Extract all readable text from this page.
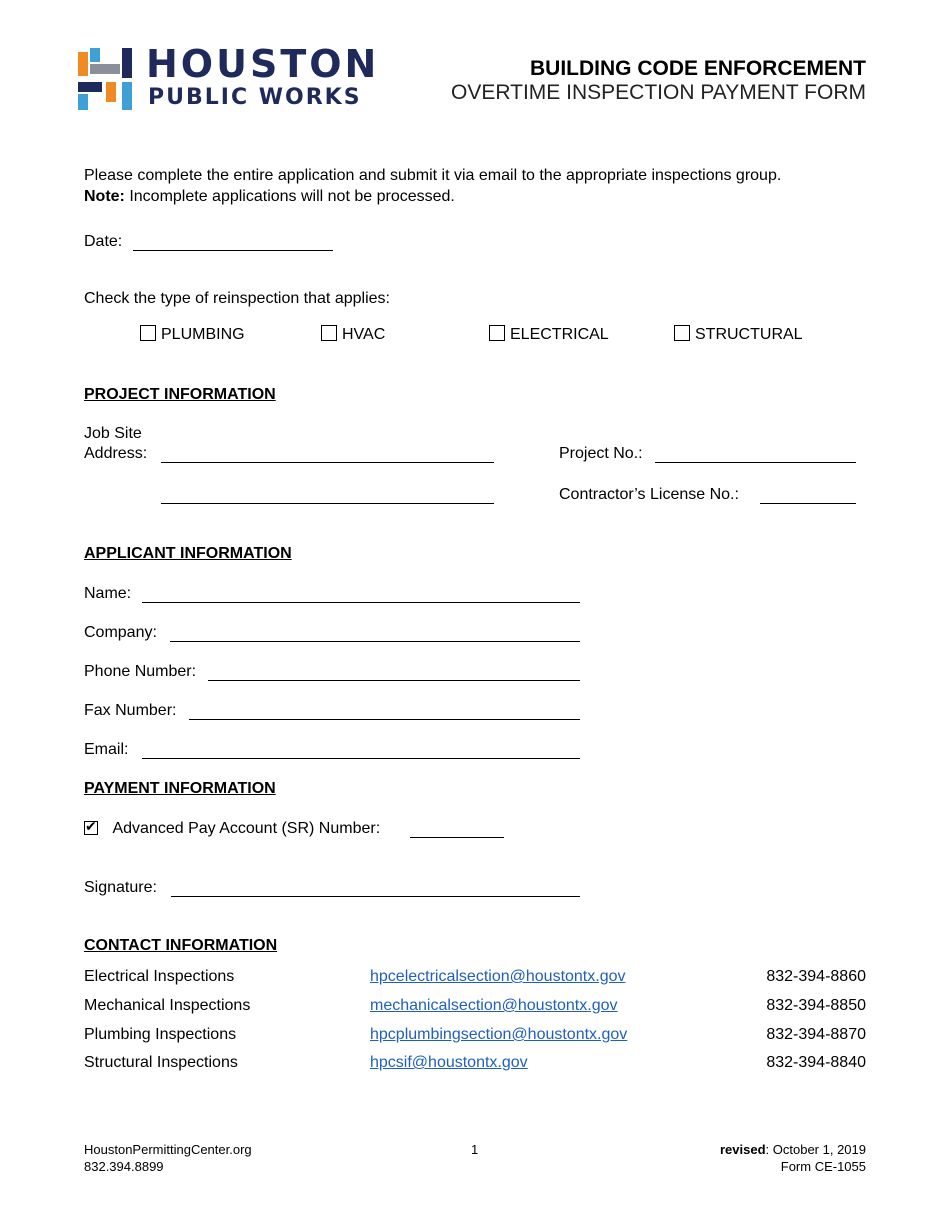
HOUSTON
PUBLIC WORKS
BUILDING CODE ENFORCEMENT
OVERTIME INSPECTION PAYMENT FORM
Please complete the entire application and submit it via email to the appropriate inspections group.
Note: Incomplete applications will not be processed.
Date:
Check the type of reinspection that applies:
PLUMBING	HVAC	ELECTRICAL	STRUCTURAL
PROJECT INFORMATION
Job Site
Address:	Project No.:
Contractor’s License No.:
APPLICANT INFORMATION
Name:
Company:
Phone Number:
Fax Number:
Email:
PAYMENT INFORMATION
✔ Advanced Pay Account (SR) Number:
Signature:
CONTACT INFORMATION
Electrical Inspections	hpcelectricalsection@houstontx.gov	832-394-8860
Mechanical Inspections	mechanicalsection@houstontx.gov	832-394-8850
Plumbing Inspections	hpcplumbingsection@houstontx.gov	832-394-8870
Structural Inspections	hpcsif@houstontx.gov	832-394-8840
HoustonPermittingCenter.org
832.394.8899
1	revised: October 1, 2019
Form CE-1055
